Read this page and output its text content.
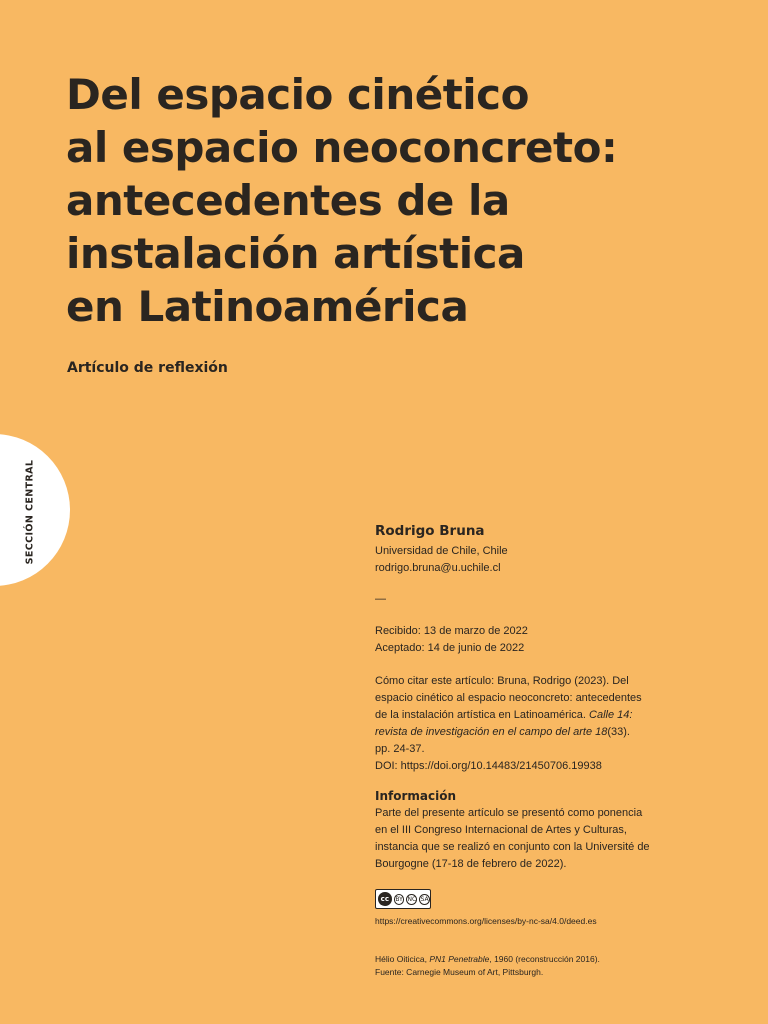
Del espacio cinético
al espacio neoconcreto:
antecedentes de la
instalación artística
en Latinoamérica
Artículo de reflexión
SECCIÓN CENTRAL	Rodrigo Bruna
Universidad de Chile, Chile
rodrigo.bruna@u.uchile.cl
—
Recibido: 13 de marzo de 2022
Aceptado: 14 de junio de 2022
Cómo citar este artículo: Bruna, Rodrigo (2023). Del
espacio cinético al espacio neoconcreto: antecedentes
de la instalación artística en Latinoamérica. Calle 14:
revista de investigación en el campo del arte 18(33).
pp. 24-37.
DOI: https://doi.org/10.14483/21450706.19938
Información
Parte del presente artículo se presentó como ponencia
en el III Congreso Internacional de Artes y Culturas,
instancia que se realizó en conjunto con la Université de
Bourgogne (17-18 de febrero de 2022).
cc	BY NC SA
https://creativecommons.org/licenses/by-nc-sa/4.0/deed.es
Hélio Oiticica, PN1 Penetrable, 1960 (reconstrucción 2016).
Fuente: Carnegie Museum of Art, Pittsburgh.
